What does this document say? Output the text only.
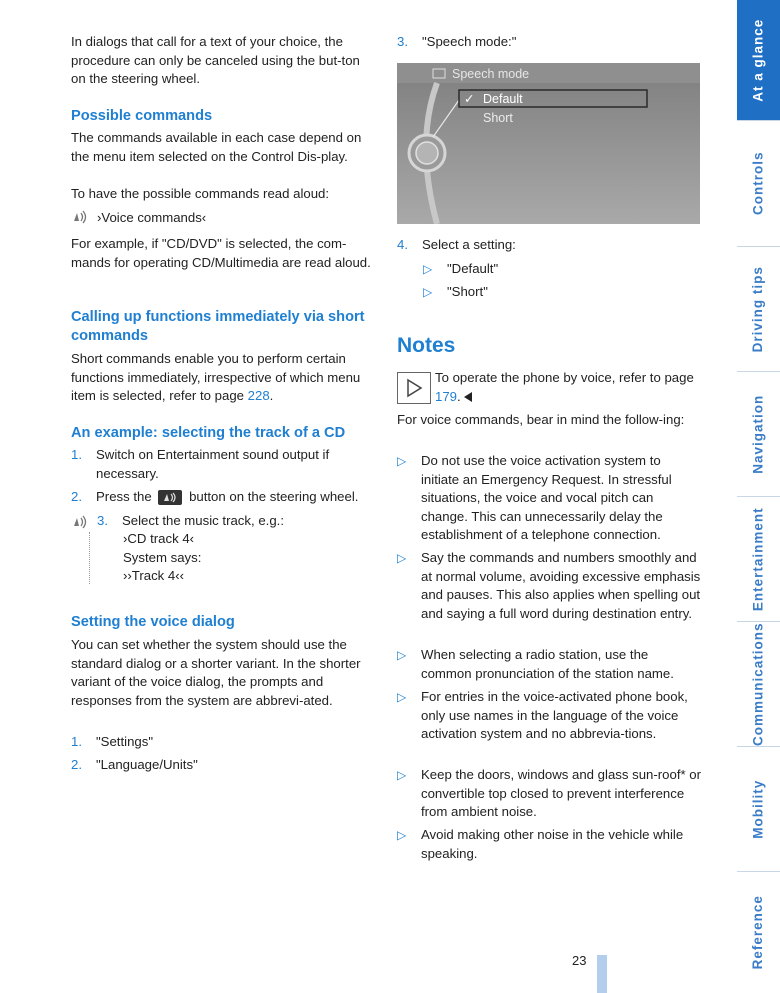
In dialogs that call for a text of your choice, the procedure can only be canceled using the but-ton on the steering wheel.

Possible commands

The commands available in each case depend on the menu item selected on the Control Dis-play.

To have the possible commands read aloud:

›Voice commands‹

For example, if "CD/DVD" is selected, the com-mands for operating CD/Multimedia are read aloud.

Calling up functions immediately via short commands

Short commands enable you to perform certain functions immediately, irrespective of which menu item is selected, refer to page 228.

An example: selecting the track of a CD

1.	Switch on Entertainment sound output if necessary.
2.	Press the	button on the steering wheel.
3. Select the music track, e.g.:

›CD track 4‹

System says:

››Track 4‹‹

Setting the voice dialog

You can set whether the system should use the standard dialog or a shorter variant. In the shorter variant of the voice dialog, the prompts and responses from the system are abbrevi-ated.

1.	"Settings"
2.	"Language/Units"
3.	"Speech mode:"
4.	Select a setting:
▷	"Default"
▷	"Short"

Notes

To operate the phone by voice, refer to page 179.

For voice commands, bear in mind the follow-ing:

▷	Do not use the voice activation system to initiate an Emergency Request. In stressful situations, the voice and vocal pitch can change. This can unnecessarily delay the establishment of a telephone connection.
▷	Say the commands and numbers smoothly and at normal volume, avoiding excessive emphasis and pauses. This also applies when spelling out and saying a full word during destination entry.
▷	When selecting a radio station, use the common pronunciation of the station name.
▷	For entries in the voice-activated phone book, only use names in the language of the voice activation system and no abbrevia-tions.
▷	Keep the doors, windows and glass sun-roof* or convertible top closed to prevent interference from ambient noise.
▷	Avoid making other noise in the vehicle while speaking.
Speech mode
✓ Default
Short
At a glance
Controls
Driving tips
Navigation
Entertainment
Communications
Mobility
Reference
23
